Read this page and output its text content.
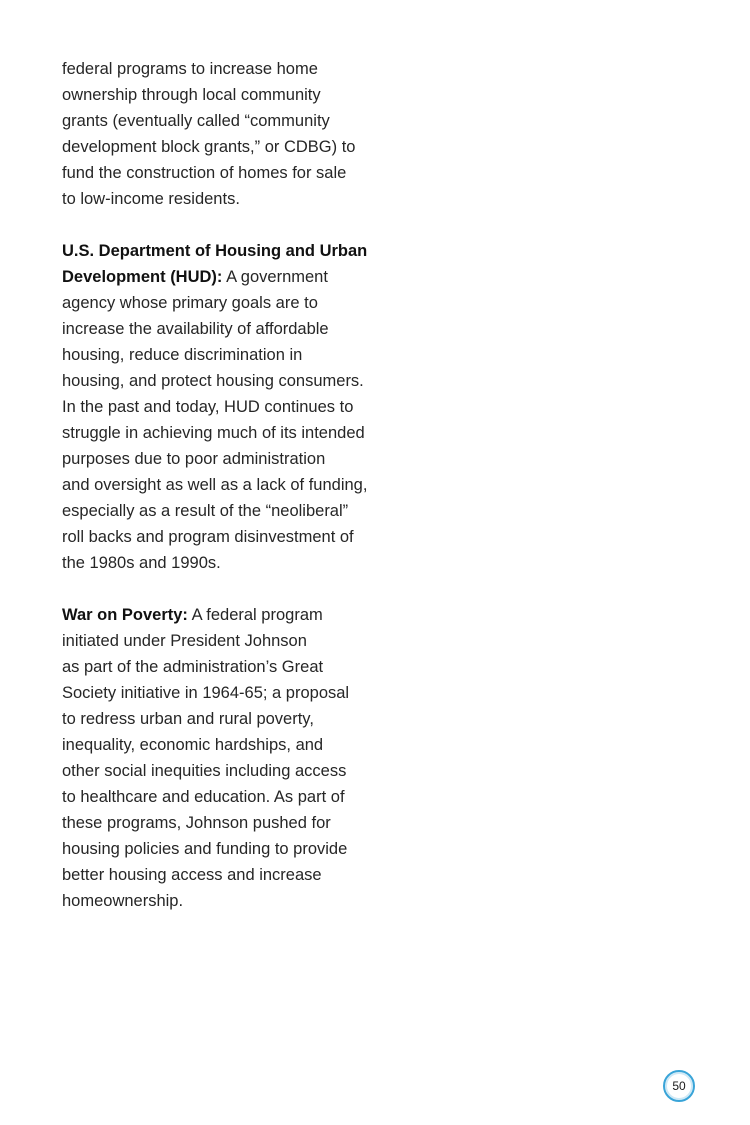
federal programs to increase home
ownership through local community
grants (eventually called “community
development block grants,” or CDBG) to
fund the construction of homes for sale
to low-income residents.

U.S. Department of Housing and Urban
Development (HUD): A government
agency whose primary goals are to
increase the availability of affordable
housing, reduce discrimination in
housing, and protect housing consumers.
In the past and today, HUD continues to
struggle in achieving much of its intended
purposes due to poor administration
and oversight as well as a lack of funding,
especially as a result of the “neoliberal”
roll backs and program disinvestment of
the 1980s and 1990s.

War on Poverty: A federal program
initiated under President Johnson
as part of the administration’s Great
Society initiative in 1964-65; a proposal
to redress urban and rural poverty,
inequality, economic hardships, and
other social inequities including access
to healthcare and education. As part of
these programs, Johnson pushed for
housing policies and funding to provide
better housing access and increase
homeownership.

50
